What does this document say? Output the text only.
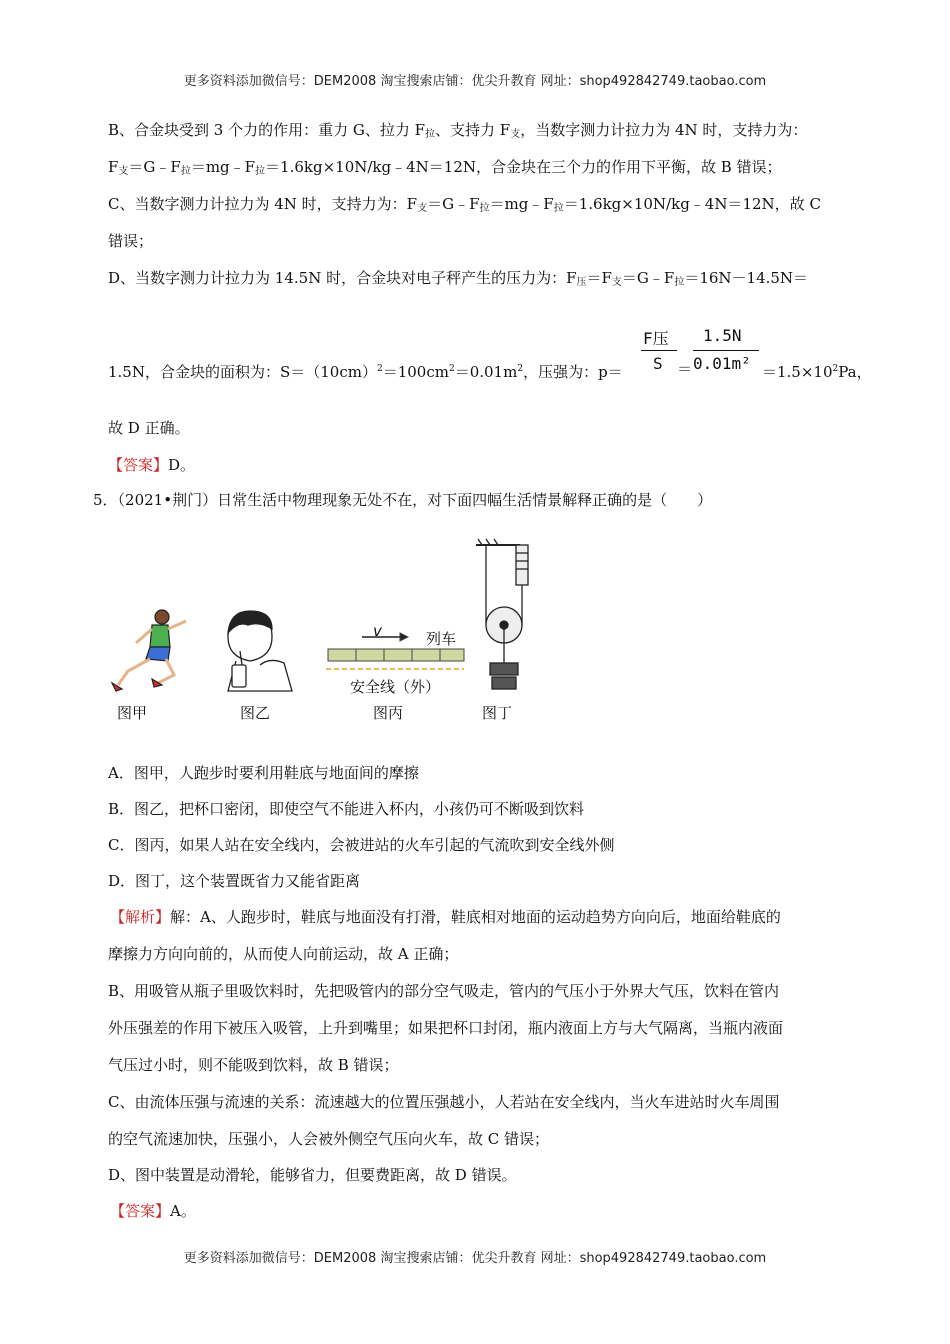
更多资料添加微信号：DEM2008 淘宝搜索店铺：优尖升教育 网址：shop492842749.taobao.com
B、合金块受到 3 个力的作用：重力 G、拉力 $F_拉$、支持力 $F_支$，当数字测力计拉力为 4N 时，支持力为：
$F_支=G﹣F_拉=mg﹣F_拉=1.6kg\times 10N/kg﹣4N=12N$，合金块在三个力的作用下平衡，故 B 错误；
C、当数字测力计拉力为 4N 时，支持力为：$F_支=G﹣F_拉=mg﹣F_拉=1.6kg\times 10N/kg﹣4N=12N$，故 C
错误；
D、当数字测力计拉力为 14.5N 时，合金块对电子秤产生的压力为：$F_压=F_支=G﹣F_拉=16N-14.5N=$
1.5N，合金块的面积为：$S=(10cm)^2=100cm^2=0.01m^2$，压强为：p＝
F压
S ＝
1.5N
$0.01m^2 =1.5\times 10^2Pa$，
故 D 正确。
【答案】D。
5．（2021•荆门）日常生活中物理现象无处不在，对下面四幅生活情景解释正确的是（　　）
v	列车
安全线（外）
图甲	图乙	图丙	图丁
A．图甲，人跑步时要利用鞋底与地面间的摩擦
B．图乙，把杯口密闭，即使空气不能进入杯内，小孩仍可不断吸到饮料
C．图丙，如果人站在安全线内，会被进站的火车引起的气流吹到安全线外侧
D．图丁，这个装置既省力又能省距离
【解析】解：A、人跑步时，鞋底与地面没有打滑，鞋底相对地面的运动趋势方向向后，地面给鞋底的
摩擦力方向向前的，从而使人向前运动，故 A 正确；
B、用吸管从瓶子里吸饮料时，先把吸管内的部分空气吸走，管内的气压小于外界大气压，饮料在管内
外压强差的作用下被压入吸管，上升到嘴里；如果把杯口封闭，瓶内液面上方与大气隔离，当瓶内液面
气压过小时，则不能吸到饮料，故 B 错误；
C、由流体压强与流速的关系：流速越大的位置压强越小，人若站在安全线内，当火车进站时火车周围
的空气流速加快，压强小，人会被外侧空气压向火车，故 C 错误；
D、图中装置是动滑轮，能够省力，但要费距离，故 D 错误。
【答案】A。
更多资料添加微信号：DEM2008 淘宝搜索店铺：优尖升教育 网址：shop492842749.taobao.com
